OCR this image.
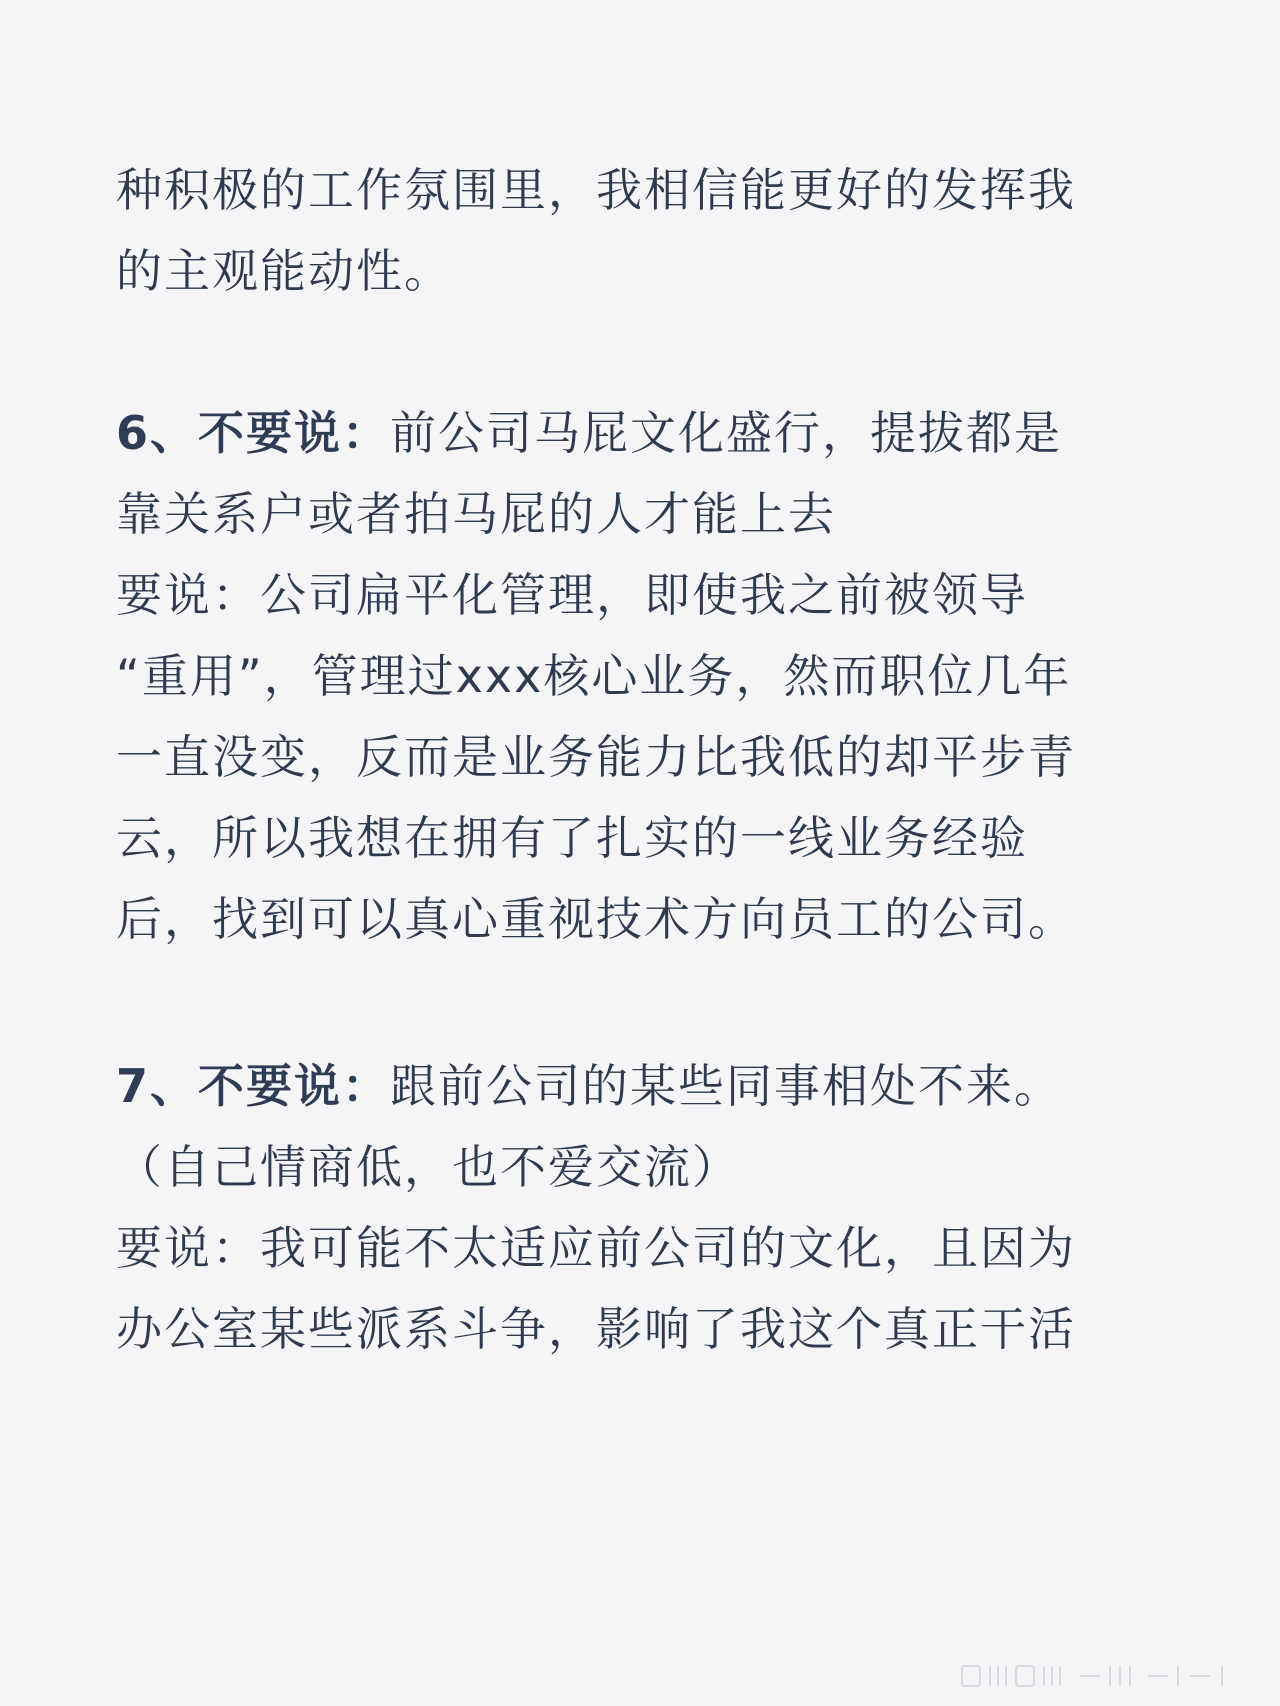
种积极的工作氛围里，我相信能更好的发挥我
的主观能动性。
6、不要说：前公司马屁文化盛行，提拔都是
靠关系户或者拍马屁的人才能上去
要说：公司扁平化管理，即使我之前被领导
“重用”，管理过xxx核心业务，然而职位几年
一直没变，反而是业务能力比我低的却平步青
云，所以我想在拥有了扎实的一线业务经验
后，找到可以真心重视技术方向员工的公司。
7、不要说：跟前公司的某些同事相处不来。
（自己情商低，也不爱交流）
要说：我可能不太适应前公司的文化，且因为
办公室某些派系斗争，影响了我这个真正干活
